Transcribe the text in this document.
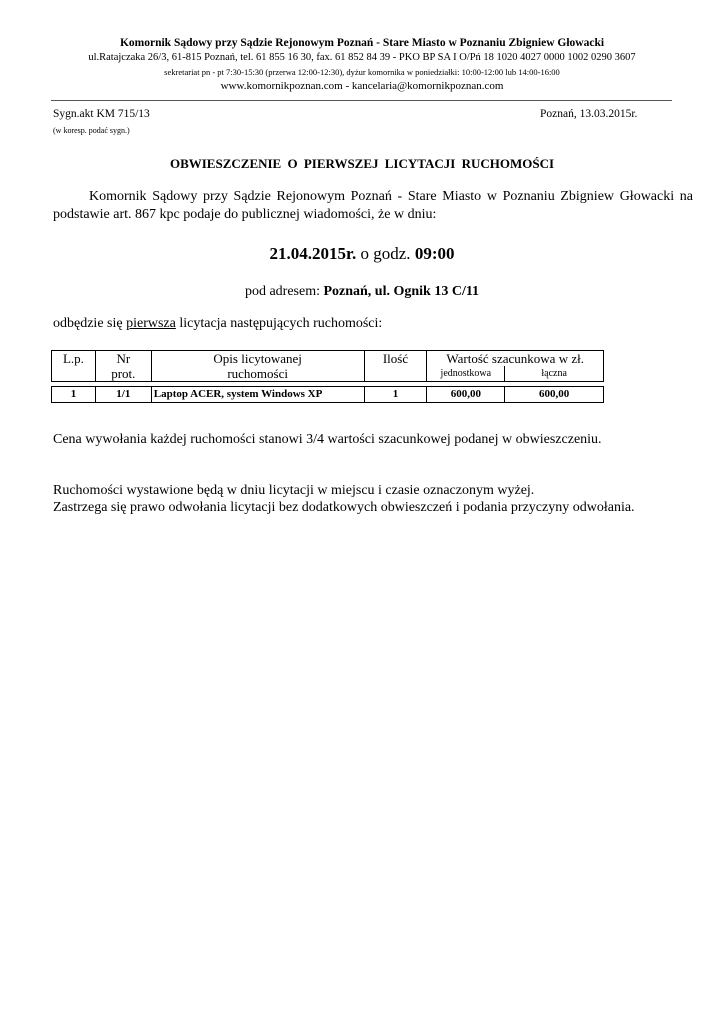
Komornik Sądowy przy Sądzie Rejonowym Poznań - Stare Miasto w Poznaniu Zbigniew Głowacki
ul.Ratajczaka 26/3, 61-815 Poznań, tel. 61 855 16 30, fax. 61 852 84 39 - PKO BP SA I O/Pń 18 1020 4027 0000 1002 0290 3607
sekretariat pn - pt 7:30-15:30 (przerwa 12:00-12:30), dyżur komornika w poniedziałki: 10:00-12:00 lub 14:00-16:00
www.komornikpoznan.com - kancelaria@komornikpoznan.com
Sygn.akt KM 715/13	Poznań, 13.03.2015r.
(w koresp. podać sygn.)
OBWIESZCZENIE O PIERWSZEJ LICYTACJI RUCHOMOŚCI
Komornik Sądowy przy Sądzie Rejonowym Poznań - Stare Miasto w Poznaniu Zbigniew Głowacki na podstawie art. 867 kpc podaje do publicznej wiadomości, że w dniu:
21.04.2015r. o godz. 09:00
pod adresem: Poznań, ul. Ognik 13 C/11
odbędzie się pierwsza licytacja następujących ruchomości:
L.p.	Nr	Opis licytowanej	Ilość	Wartość szacunkowa w zł.	
	prot.	ruchomości		jednostkowa	łączna

1	1/1	Laptop ACER, system Windows XP	1	600,00	600,00
Cena wywołania każdej ruchomości stanowi 3/4 wartości szacunkowej podanej w obwieszczeniu.
Ruchomości wystawione będą w dniu licytacji w miejscu i czasie oznaczonym wyżej.
Zastrzega się prawo odwołania licytacji bez dodatkowych obwieszczeń i podania przyczyny odwołania.
